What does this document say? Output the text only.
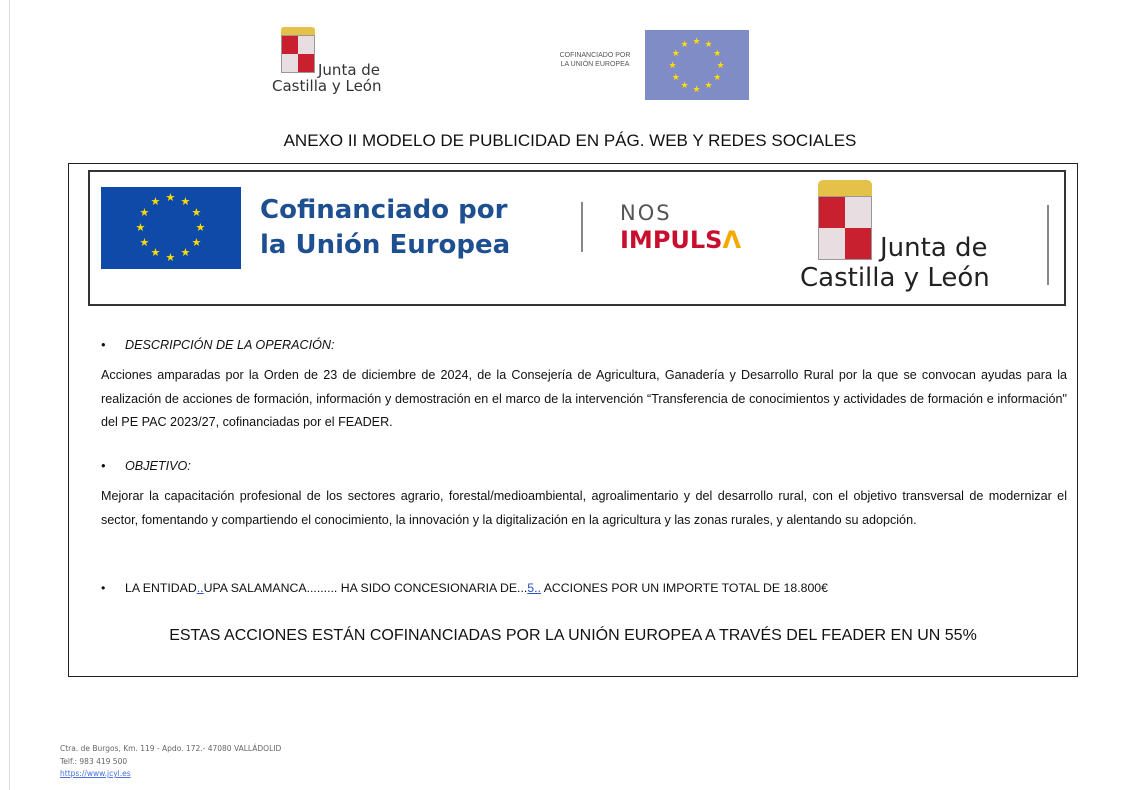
Junta de
Castilla y León
COFINANCIADO POR
LA UNIÓN EUROPEA
★ ★
★
★
★
★
★
★
★
★
★
★
ANEXO II MODELO DE PUBLICIDAD EN PÁG. WEB Y REDES SOCIALES
★ ★
★
★
★
★
★
★
★
★
★
★	Cofinanciado por
la Unión Europea
NOS
IMPULSΛ	Junta de
Castilla y León
• DESCRIPCIÓN DE LA OPERACIÓN:
Acciones amparadas por la Orden de 23 de diciembre de 2024, de la Consejería de Agricultura, Ganadería y Desarrollo Rural por la que se convocan ayudas para la realización de acciones de formación, información y demostración en el marco de la intervención “Transferencia de conocimientos y actividades de formación e información" del PE PAC 2023/27, cofinanciadas por el FEADER.
• OBJETIVO:
Mejorar la capacitación profesional de los sectores agrario, forestal/medioambiental, agroalimentario y del desarrollo rural, con el objetivo transversal de modernizar el sector, fomentando y compartiendo el conocimiento, la innovación y la digitalización en la agricultura y las zonas rurales, y alentando su adopción.
• LA ENTIDAD..UPA SALAMANCA......... HA SIDO CONCESIONARIA DE...5.. ACCIONES POR UN IMPORTE TOTAL DE 18.800€
ESTAS ACCIONES ESTÁN COFINANCIADAS POR LA UNIÓN EUROPEA A TRAVÉS DEL FEADER EN UN 55%
Ctra. de Burgos, Km. 119 - Apdo. 172.- 47080 VALLÁDOLID
Telf.: 983 419 500
https://www.jcyl.es
